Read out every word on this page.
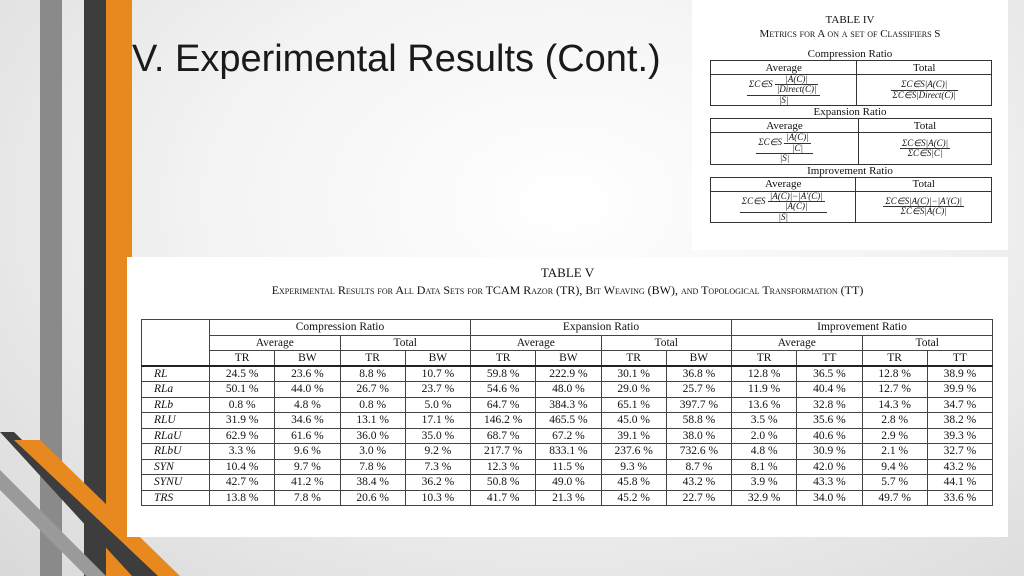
V. Experimental Results (Cont.)
TABLE IV
Metrics for A on a set of Classifiers S
Compression Ratio
Average	Total

$\frac{\Sigma C\in S \frac{|A(C)|}{\text{|Direct(C)|}}}{|S|}$	$\frac{\Sigma C\in S|A(C)|}{\text{ΣC∈S|Direct(C)|}}$
Expansion Ratio
Average	Total

$\frac{\Sigma C\in S \frac{|A(C)|}{|C|}}{|S|}$	$\frac{\Sigma C\in S|A(C)|}{\Sigma C\in S|C|}$
Improvement Ratio
Average	Total

$\frac{\Sigma C\in S \frac{|A(C)|-|A'(C)|}{|A(C)|}}{|S|}$	$\frac{\Sigma C\in S|A(C)|-|A'(C)|}{\Sigma C\in S|A(C)|}$
TABLE V
Experimental Results for All Data Sets for TCAM Razor (TR), Bit Weaving (BW), and Topological Transformation (TT)
	Compression Ratio				Expansion Ratio				Improvement Ratio			
	Average		Total		Average		Total		Average		Total	
	TR	BW	TR	BW	TR	BW	TR	BW	TR	TT	TR	TT
RL	24.5 %	23.6 %	8.8 %	10.7 %	59.8 %	222.9 %	30.1 %	36.8 %	12.8 %	36.5 %	12.8 %	38.9 %
RLa	50.1 %	44.0 %	26.7 %	23.7 %	54.6 %	48.0 %	29.0 %	25.7 %	11.9 %	40.4 %	12.7 %	39.9 %
RLb	0.8 %	4.8 %	0.8 %	5.0 %	64.7 %	384.3 %	65.1 %	397.7 %	13.6 %	32.8 %	14.3 %	34.7 %
RLU	31.9 %	34.6 %	13.1 %	17.1 %	146.2 %	465.5 %	45.0 %	58.8 %	3.5 %	35.6 %	2.8 %	38.2 %
RLaU	62.9 %	61.6 %	36.0 %	35.0 %	68.7 %	67.2 %	39.1 %	38.0 %	2.0 %	40.6 %	2.9 %	39.3 %
RLbU	3.3 %	9.6 %	3.0 %	9.2 %	217.7 %	833.1 %	237.6 %	732.6 %	4.8 %	30.9 %	2.1 %	32.7 %
SYN	10.4 %	9.7 %	7.8 %	7.3 %	12.3 %	11.5 %	9.3 %	8.7 %	8.1 %	42.0 %	9.4 %	43.2 %
SYNU	42.7 %	41.2 %	38.4 %	36.2 %	50.8 %	49.0 %	45.8 %	43.2 %	3.9 %	43.3 %	5.7 %	44.1 %
TRS	13.8 %	7.8 %	20.6 %	10.3 %	41.7 %	21.3 %	45.2 %	22.7 %	32.9 %	34.0 %	49.7 %	33.6 %
